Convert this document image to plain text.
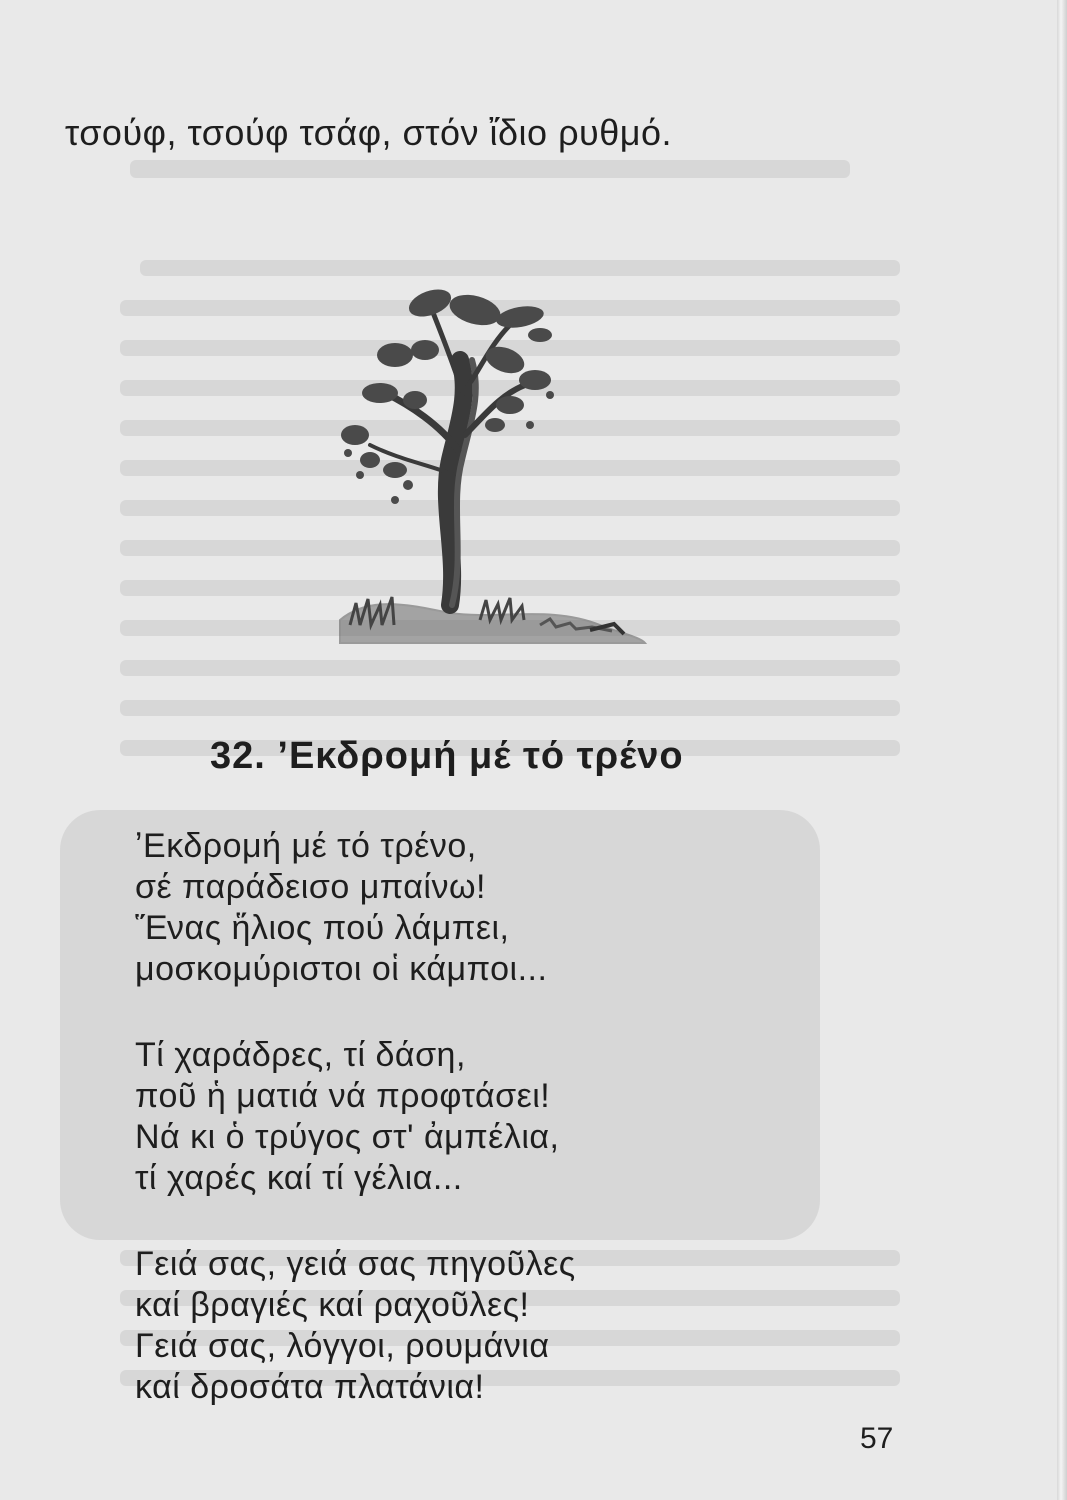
τσούφ, τσούφ τσάφ, στόν ἴδιο ρυθμό.
32. ʼΕκδρομή μέ τό τρένο
ʼΕκδρομή μέ τό τρένο,
σέ παράδεισο μπαίνω!
Ἕνας ἥλιος πού λάμπει,
μοσκομύριστοι οἱ κάμποι...
Τί χαράδρες, τί δάση,
ποῦ ἡ ματιά νά προφτάσει!
Νά κι ὁ τρύγος στ' ἀμπέλια,
τί χαρές καί τί γέλια...
Γειά σας, γειά σας πηγοῦλες
καί βραγιές καί ραχοῦλες!
Γειά σας, λόγγοι, ρουμάνια
καί δροσάτα πλατάνια!
57
